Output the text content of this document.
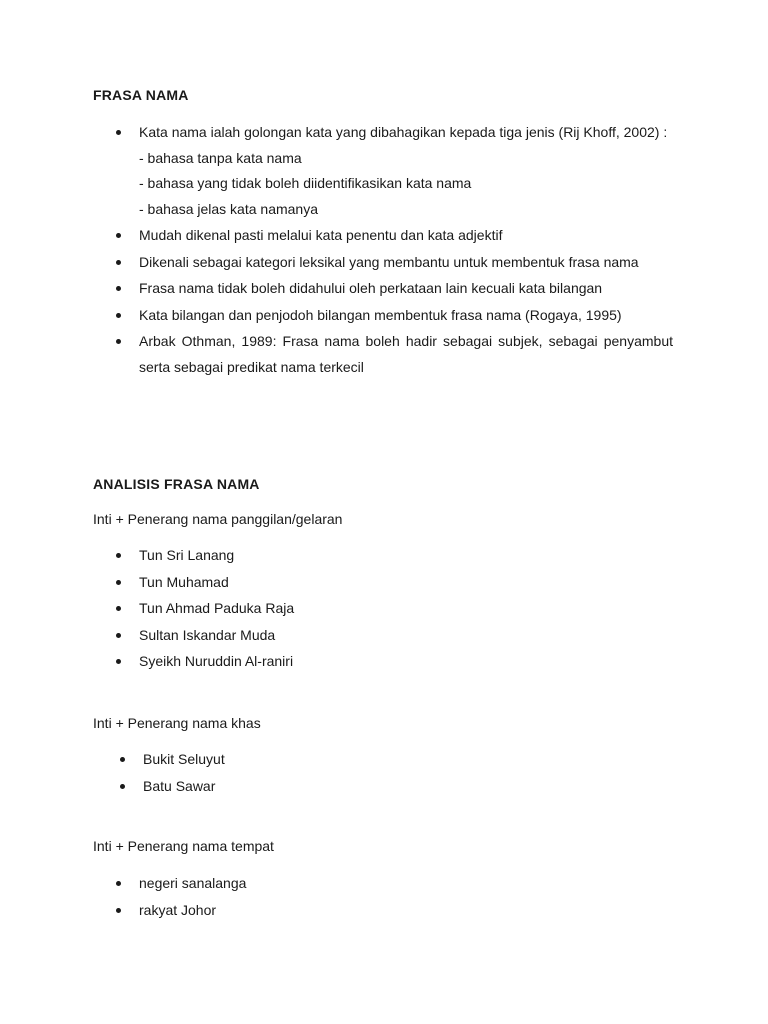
FRASA NAMA
Kata nama ialah golongan kata yang dibahagikan kepada tiga jenis (Rij Khoff, 2002) :
- bahasa tanpa kata nama
- bahasa yang tidak boleh diidentifikasikan kata nama
- bahasa jelas kata namanya
Mudah dikenal pasti melalui kata penentu dan kata adjektif
Dikenali sebagai kategori leksikal yang membantu untuk membentuk frasa nama
Frasa nama tidak boleh didahului oleh perkataan lain kecuali kata bilangan
Kata bilangan dan penjodoh bilangan membentuk frasa nama (Rogaya, 1995)
Arbak Othman, 1989: Frasa nama boleh hadir sebagai subjek, sebagai penyambut serta sebagai predikat nama terkecil
ANALISIS FRASA NAMA
Inti + Penerang nama panggilan/gelaran
Tun Sri Lanang
Tun Muhamad
Tun Ahmad Paduka Raja
Sultan Iskandar Muda
Syeikh Nuruddin Al-raniri
Inti + Penerang nama khas
Bukit Seluyut
Batu Sawar
Inti + Penerang nama tempat
negeri sanalanga
rakyat Johor
